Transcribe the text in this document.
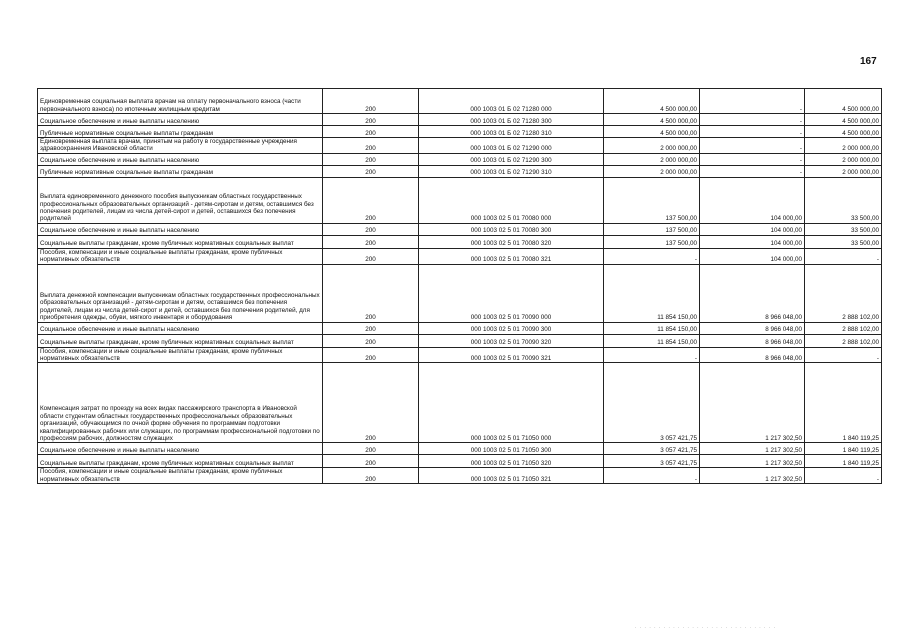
167
Единовременная социальная выплата врачам на оплату первоначального взноса (части первоначального взноса) по ипотечным жилищным кредитам	200	000 1003 01 Б 02 71280 000	4 500 000,00	-	4 500 000,00
Социальное обеспечение и иные выплаты населению	200	000 1003 01 Б 02 71280 300	4 500 000,00	-	4 500 000,00
Публичные нормативные социальные выплаты гражданам	200	000 1003 01 Б 02 71280 310	4 500 000,00	-	4 500 000,00
Единовременная выплата врачам, принятым на работу в государственные учреждения здравоохранения Ивановской области	200	000 1003 01 Б 02 71290 000	2 000 000,00	-	2 000 000,00
Социальное обеспечение и иные выплаты населению	200	000 1003 01 Б 02 71290 300	2 000 000,00	-	2 000 000,00
Публичные нормативные социальные выплаты гражданам	200	000 1003 01 Б 02 71290 310	2 000 000,00	-	2 000 000,00
Выплата единовременного денежного пособия выпускникам областных государственных профессиональных образовательных организаций - детям-сиротам и детям, оставшимся без попечения родителей, лицам из числа детей-сирот и детей, оставшихся без попечения родителей	200	000 1003 02 5 01 70080 000	137 500,00	104 000,00	33 500,00
Социальное обеспечение и иные выплаты населению	200	000 1003 02 5 01 70080 300	137 500,00	104 000,00	33 500,00
Социальные выплаты гражданам, кроме публичных нормативных социальных выплат	200	000 1003 02 5 01 70080 320	137 500,00	104 000,00	33 500,00
Пособия, компенсации и иные социальные выплаты гражданам, кроме публичных нормативных обязательств	200	000 1003 02 5 01 70080 321	-	104 000,00	-
Выплата денежной компенсации выпускникам областных государственных профессиональных образовательных организаций - детям-сиротам и детям, оставшимся без попечения родителей, лицам из числа детей-сирот и детей, оставшихся без попечения родителей, для приобретения одежды, обуви, мягкого инвентаря и оборудования	200	000 1003 02 5 01 70090 000	11 854 150,00	8 966 048,00	2 888 102,00
Социальное обеспечение и иные выплаты населению	200	000 1003 02 5 01 70090 300	11 854 150,00	8 966 048,00	2 888 102,00
Социальные выплаты гражданам, кроме публичных нормативных социальных выплат	200	000 1003 02 5 01 70090 320	11 854 150,00	8 966 048,00	2 888 102,00
Пособия, компенсации и иные социальные выплаты гражданам, кроме публичных нормативных обязательств	200	000 1003 02 5 01 70090 321	-	8 966 048,00	-
Компенсация затрат по проезду на всех видах пассажирского транспорта в Ивановской области студентам областных государственных профессиональных образовательных организаций, обучающимся по очной форме обучения по программам подготовки квалифицированных рабочих или служащих, по программам профессиональной подготовки по профессиям рабочих, должностям служащих	200	000 1003 02 5 01 71050 000	3 057 421,75	1 217 302,50	1 840 119,25
Социальное обеспечение и иные выплаты населению	200	000 1003 02 5 01 71050 300	3 057 421,75	1 217 302,50	1 840 119,25
Социальные выплаты гражданам, кроме публичных нормативных социальных выплат	200	000 1003 02 5 01 71050 320	3 057 421,75	1 217 302,50	1 840 119,25
Пособия, компенсации и иные социальные выплаты гражданам, кроме публичных нормативных обязательств	200	000 1003 02 5 01 71050 321	-	1 217 302,50	-
. . . . . . . . . . . . . . . . . . . . . . . . . . . . . .
